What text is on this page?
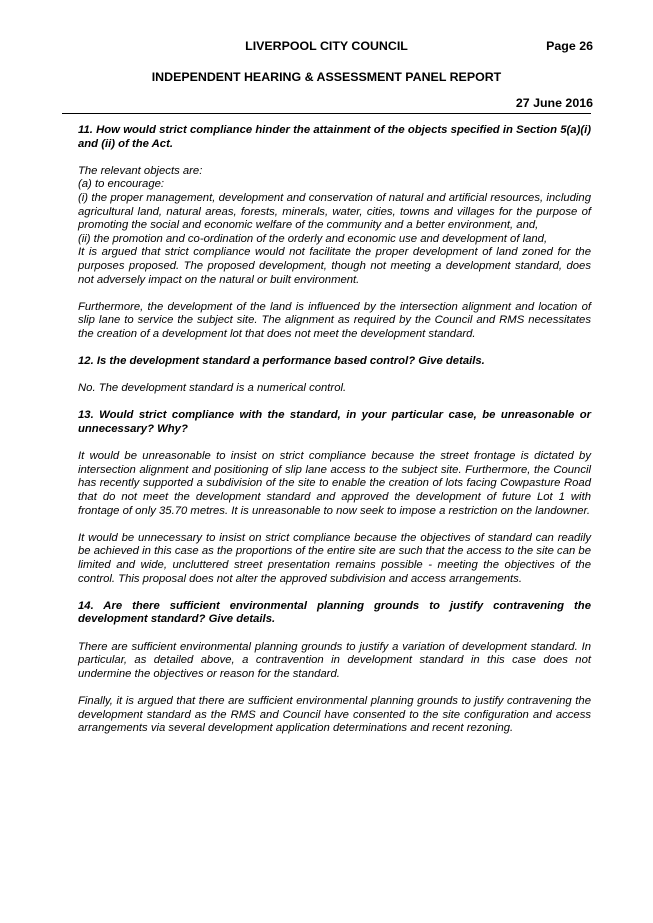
LIVERPOOL CITY COUNCIL	Page 26
INDEPENDENT HEARING & ASSESSMENT PANEL REPORT
27 June 2016

11. How would strict compliance hinder the attainment of the objects specified in Section 5(a)(i) and (ii) of the Act.

The relevant objects are:

(a) to encourage:

(i) the proper management, development and conservation of natural and artificial resources, including agricultural land, natural areas, forests, minerals, water, cities, towns and villages for the purpose of promoting the social and economic welfare of the community and a better environment, and,

(ii) the promotion and co-ordination of the orderly and economic use and development of land,

It is argued that strict compliance would not facilitate the proper development of land zoned for the purposes proposed. The proposed development, though not meeting a development standard, does not adversely impact on the natural or built environment.

Furthermore, the development of the land is influenced by the intersection alignment and location of slip lane to service the subject site. The alignment as required by the Council and RMS necessitates the creation of a development lot that does not meet the development standard.

12. Is the development standard a performance based control? Give details.

No. The development standard is a numerical control.

13. Would strict compliance with the standard, in your particular case, be unreasonable or unnecessary? Why?

It would be unreasonable to insist on strict compliance because the street frontage is dictated by intersection alignment and positioning of slip lane access to the subject site. Furthermore, the Council has recently supported a subdivision of the site to enable the creation of lots facing Cowpasture Road that do not meet the development standard and approved the development of future Lot 1 with frontage of only 35.70 metres. It is unreasonable to now seek to impose a restriction on the landowner.

It would be unnecessary to insist on strict compliance because the objectives of standard can readily be achieved in this case as the proportions of the entire site are such that the access to the site can be limited and wide, uncluttered street presentation remains possible - meeting the objectives of the control. This proposal does not alter the approved subdivision and access arrangements.

14. Are there sufficient environmental planning grounds to justify contravening the development standard? Give details.

There are sufficient environmental planning grounds to justify a variation of development standard. In particular, as detailed above, a contravention in development standard in this case does not undermine the objectives or reason for the standard.

Finally, it is argued that there are sufficient environmental planning grounds to justify contravening the development standard as the RMS and Council have consented to the site configuration and access arrangements via several development application determinations and recent rezoning.
